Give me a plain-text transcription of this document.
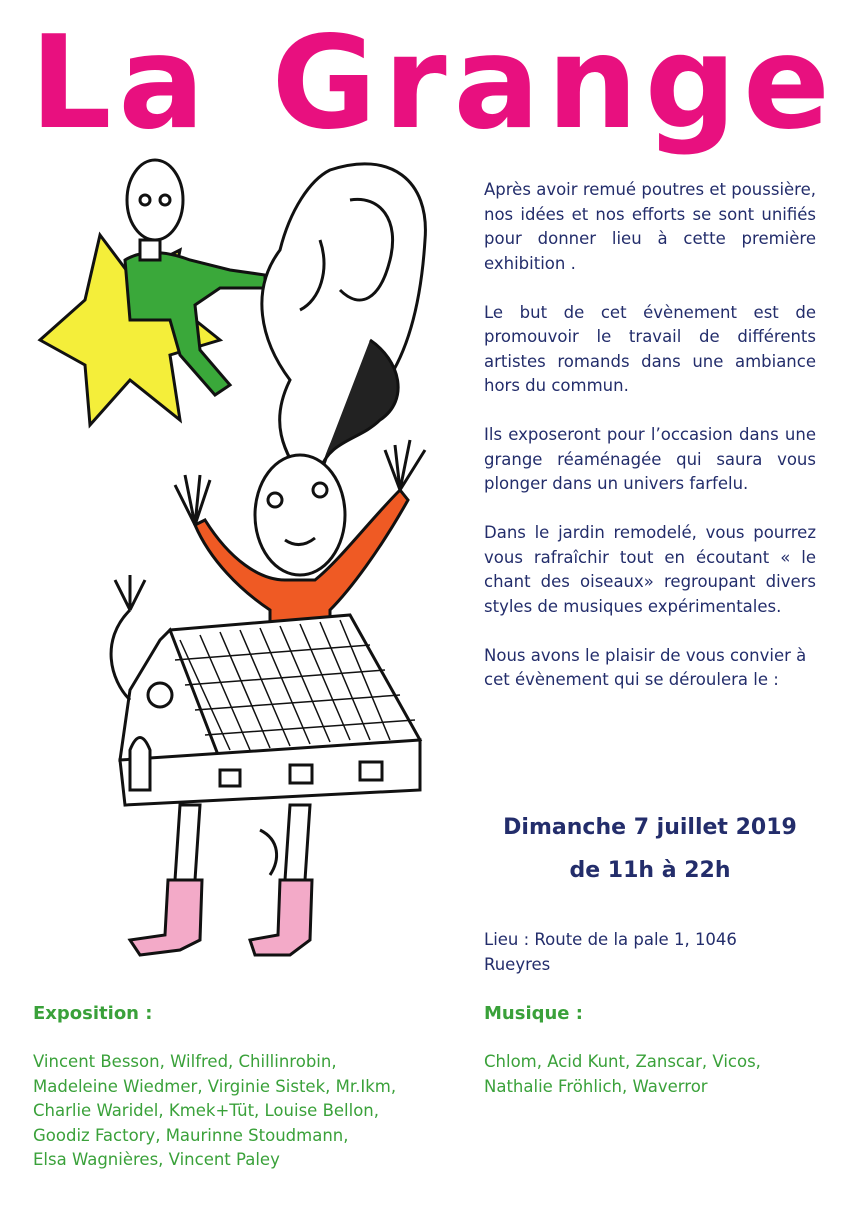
L a G r a n g e

Après avoir remué poutres et poussière, nos idées et nos efforts se sont unifiés pour donner lieu à cette première exhibition .

Le but de cet évènement est de promouvoir le travail de différents artistes romands dans une ambiance hors du commun.

Ils exposeront pour l’occasion dans une grange réaménagée qui saura vous plonger dans un univers farfelu.

Dans le jardin remodelé, vous pourrez vous rafraîchir tout en écoutant « le chant des oiseaux» regroupant divers styles de musiques expérimentales.

Nous avons le plaisir de vous convier à cet évènement qui se déroulera le :

Dimanche 7 juillet 2019
de 11h à 22h
Lieu : Route de la pale 1, 1046
Rueyres
Exposition :
Vincent Besson, Wilfred, Chillinrobin,
Madeleine Wiedmer, Virginie Sistek, Mr.Ikm,
Charlie Waridel, Kmek+Tüt, Louise Bellon,
Goodiz Factory, Maurinne Stoudmann,
Elsa Wagnières, Vincent Paley
Musique :
Chlom, Acid Kunt, Zanscar, Vicos,
Nathalie Fröhlich, Waverror
